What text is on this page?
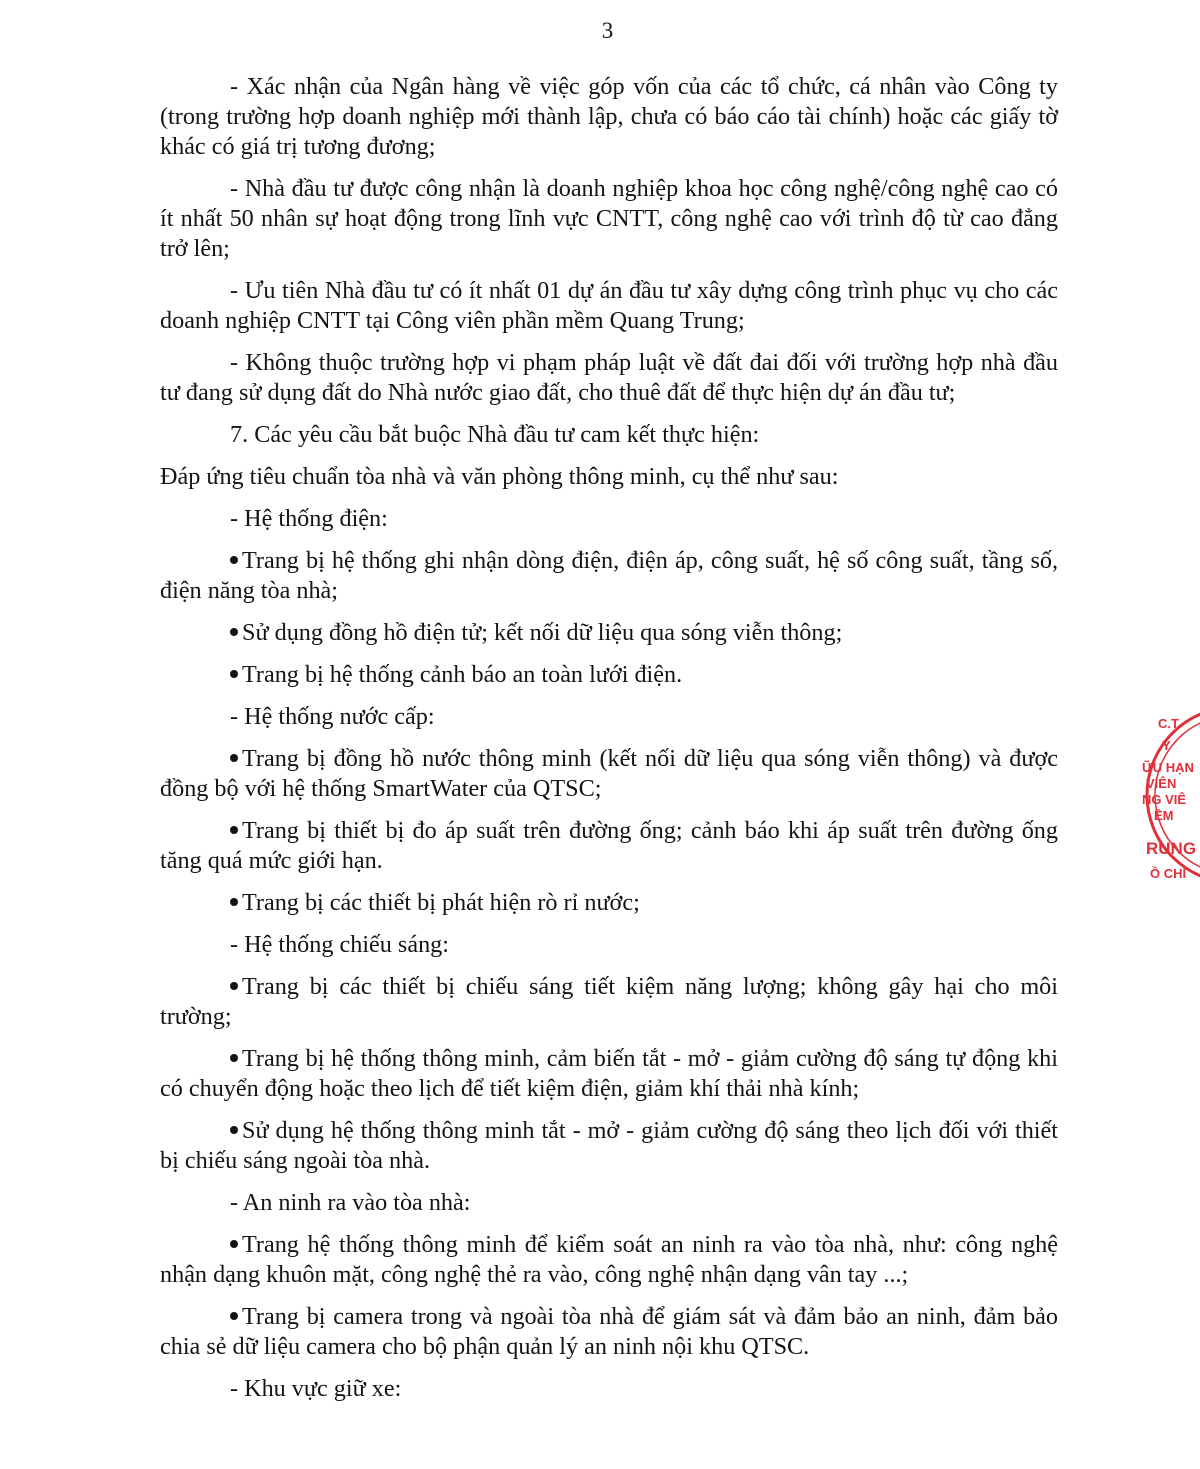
3

- Xác nhận của Ngân hàng về việc góp vốn của các tổ chức, cá nhân vào Công ty (trong trường hợp doanh nghiệp mới thành lập, chưa có báo cáo tài chính) hoặc các giấy tờ khác có giá trị tương đương;

- Nhà đầu tư được công nhận là doanh nghiệp khoa học công nghệ/công nghệ cao có ít nhất 50 nhân sự hoạt động trong lĩnh vực CNTT, công nghệ cao với trình độ từ cao đẳng trở lên;

- Ưu tiên Nhà đầu tư có ít nhất 01 dự án đầu tư xây dựng công trình phục vụ cho các doanh nghiệp CNTT tại Công viên phần mềm Quang Trung;

- Không thuộc trường hợp vi phạm pháp luật về đất đai đối với trường hợp nhà đầu tư đang sử dụng đất do Nhà nước giao đất, cho thuê đất để thực hiện dự án đầu tư;

7. Các yêu cầu bắt buộc Nhà đầu tư cam kết thực hiện:

Đáp ứng tiêu chuẩn tòa nhà và văn phòng thông minh, cụ thể như sau:

- Hệ thống điện:

Trang bị hệ thống ghi nhận dòng điện, điện áp, công suất, hệ số công suất, tầng số, điện năng tòa nhà;

Sử dụng đồng hồ điện tử; kết nối dữ liệu qua sóng viễn thông;

Trang bị hệ thống cảnh báo an toàn lưới điện.

- Hệ thống nước cấp:

Trang bị đồng hồ nước thông minh (kết nối dữ liệu qua sóng viễn thông) và được đồng bộ với hệ thống SmartWater của QTSC;

Trang bị thiết bị đo áp suất trên đường ống; cảnh báo khi áp suất trên đường ống tăng quá mức giới hạn.

Trang bị các thiết bị phát hiện rò rỉ nước;

- Hệ thống chiếu sáng:

Trang bị các thiết bị chiếu sáng tiết kiệm năng lượng; không gây hại cho môi trường;

Trang bị hệ thống thông minh, cảm biến tắt - mở - giảm cường độ sáng tự động khi có chuyển động hoặc theo lịch để tiết kiệm điện, giảm khí thải nhà kính;

Sử dụng hệ thống thông minh tắt - mở - giảm cường độ sáng theo lịch đối với thiết bị chiếu sáng ngoài tòa nhà.

- An ninh ra vào tòa nhà:

Trang hệ thống thông minh để kiểm soát an ninh ra vào tòa nhà, như: công nghệ nhận dạng khuôn mặt, công nghệ thẻ ra vào, công nghệ nhận dạng vân tay ...;

Trang bị camera trong và ngoài tòa nhà để giám sát và đảm bảo an ninh, đảm bảo chia sẻ dữ liệu camera cho bộ phận quản lý an ninh nội khu QTSC.

- Khu vực giữ xe:

C.T
Y
ỮU HẠN
VIÊN
NG VIÊ
ỀM
RUNG
Ồ CHÍ
